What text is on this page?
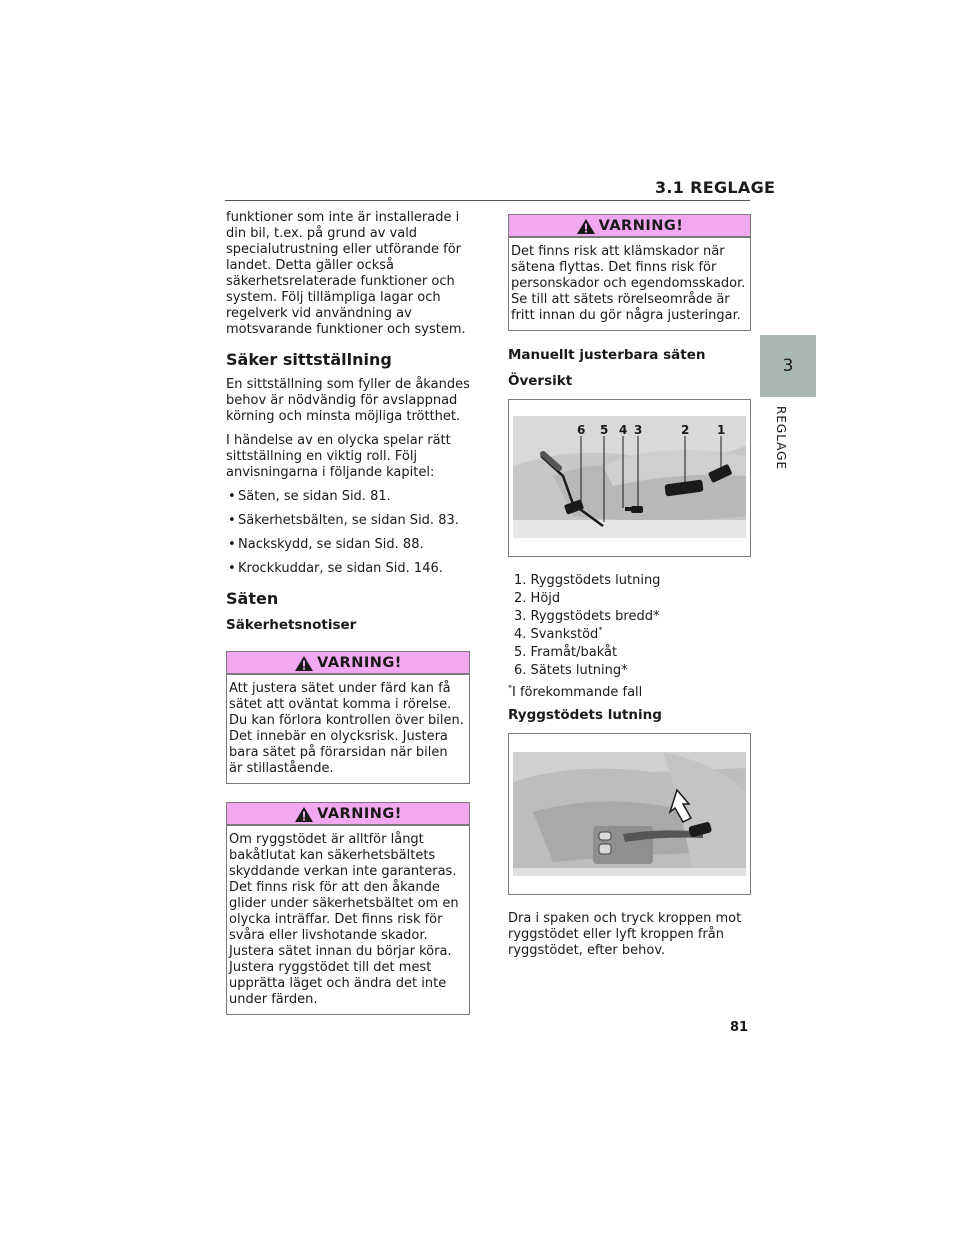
3.1 REGLAGE
3
REGLAGE

funktioner som inte är installerade i din bil, t.ex. på grund av vald specialutrustning eller utförande för landet. Detta gäller också säkerhetsrelaterade funktioner och system. Följ tillämpliga lagar och regelverk vid användning av motsvarande funktioner och system.

Säker sittställning

En sittställning som fyller de åkandes behov är nödvändig för avslappnad körning och minsta möjliga trötthet.

I händelse av en olycka spelar rätt sittställning en viktig roll. Följ anvisningarna i följande kapitel:

• Säten, se sidan Sid. 81.
• Säkerhetsbälten, se sidan Sid. 83.
• Nackskydd, se sidan Sid. 88.
• Krockkuddar, se sidan Sid. 146.
Säten
Säkerhetsnotiser
VARNING!
Att justera sätet under färd kan få sätet att oväntat komma i rörelse. Du kan förlora kontrollen över bilen. Det innebär en olycksrisk. Justera bara sätet på förarsidan när bilen är stillastående.
VARNING!
Om ryggstödet är alltför långt bakåtlutat kan säkerhetsbältets skyddande verkan inte garanteras. Det finns risk för att den åkande glider under säkerhetsbältet om en olycka inträffar. Det finns risk för svåra eller livshotande skador. Justera sätet innan du börjar köra. Justera ryggstödet till det mest upprätta läget och ändra det inte under färden.
VARNING!
Det finns risk att klämskador när sätena flyttas. Det finns risk för personskador och egendomsskador. Se till att sätets rörelseområde är fritt innan du gör några justeringar.
Manuellt justerbara säten
Översikt
6 5 4 3	2 1
1. Ryggstödets lutning
2. Höjd
3. Ryggstödets bredd*
4. Svankstöd*
5. Framåt/bakåt
6. Sätets lutning*
*I förekommande fall
Ryggstödets lutning

Dra i spaken och tryck kroppen mot ryggstödet eller lyft kroppen från ryggstödet, efter behov.

81
